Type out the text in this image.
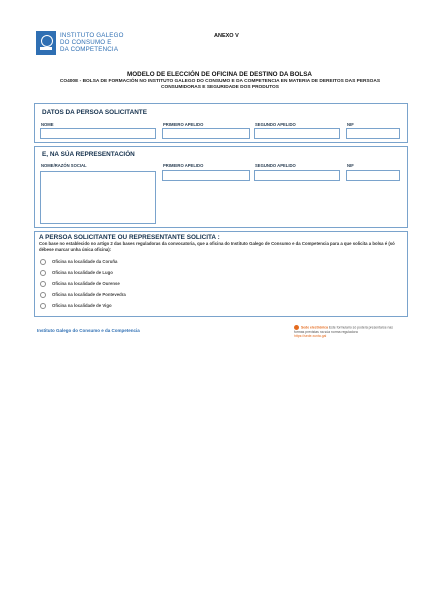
INSTITUTO GALEGO
DO CONSUMO E
DA COMPETENCIA
ANEXO V
MODELO DE ELECCIÓN DE OFICINA DE DESTINO DA BOLSA
CO400E - BOLSA DE FORMACIÓN NO INSTITUTO GALEGO DO CONSUMO E DA COMPETENCIA EN MATERIA DE DEREITOS DAS PERSOAS CONSUMIDORAS E SEGURIDADE DOS PRODUTOS
DATOS DA PERSOA SOLICITANTE
NOME	PRIMEIRO APELIDO	SEGUNDO APELIDO	NIF
E, NA SÚA REPRESENTACIÓN
NOME/RAZÓN SOCIAL	PRIMEIRO APELIDO	SEGUNDO APELIDO	NIF
A PERSOA SOLICITANTE OU REPRESENTANTE SOLICITA :
Con base no establecido no artigo 2 das bases reguladoras da convocatoria, que a oficina do Instituto Galego de Consumo e da Competencia para a que solicita a bolsa é (só débese marcar unha única oficina):
Oficina na localidade da Coruña
Oficina na localidade de Lugo
Oficina na localidade de Ourense
Oficina na localidade de Pontevedra
Oficina na localidade de Vigo
Instituto Galego do Consumo e da Competencia
Sede electrónica Este formulario só poderá presentarse nas formas previstas na súa norma reguladora
https://sede.xunta.gal
